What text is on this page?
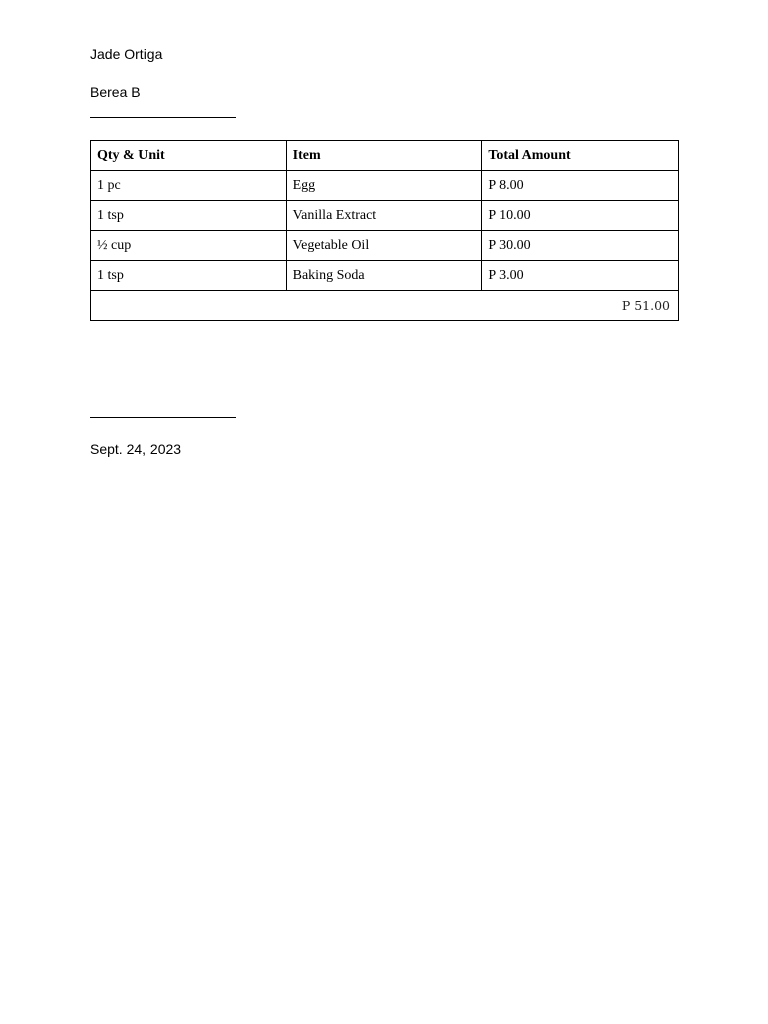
Jade Ortiga
Berea B
Qty & Unit	Item	Total Amount
1 pc	Egg	P 8.00
1 tsp	Vanilla Extract	P 10.00
½ cup	Vegetable Oil	P 30.00
1 tsp	Baking Soda	P 3.00
P 51.00		
Sept. 24, 2023
